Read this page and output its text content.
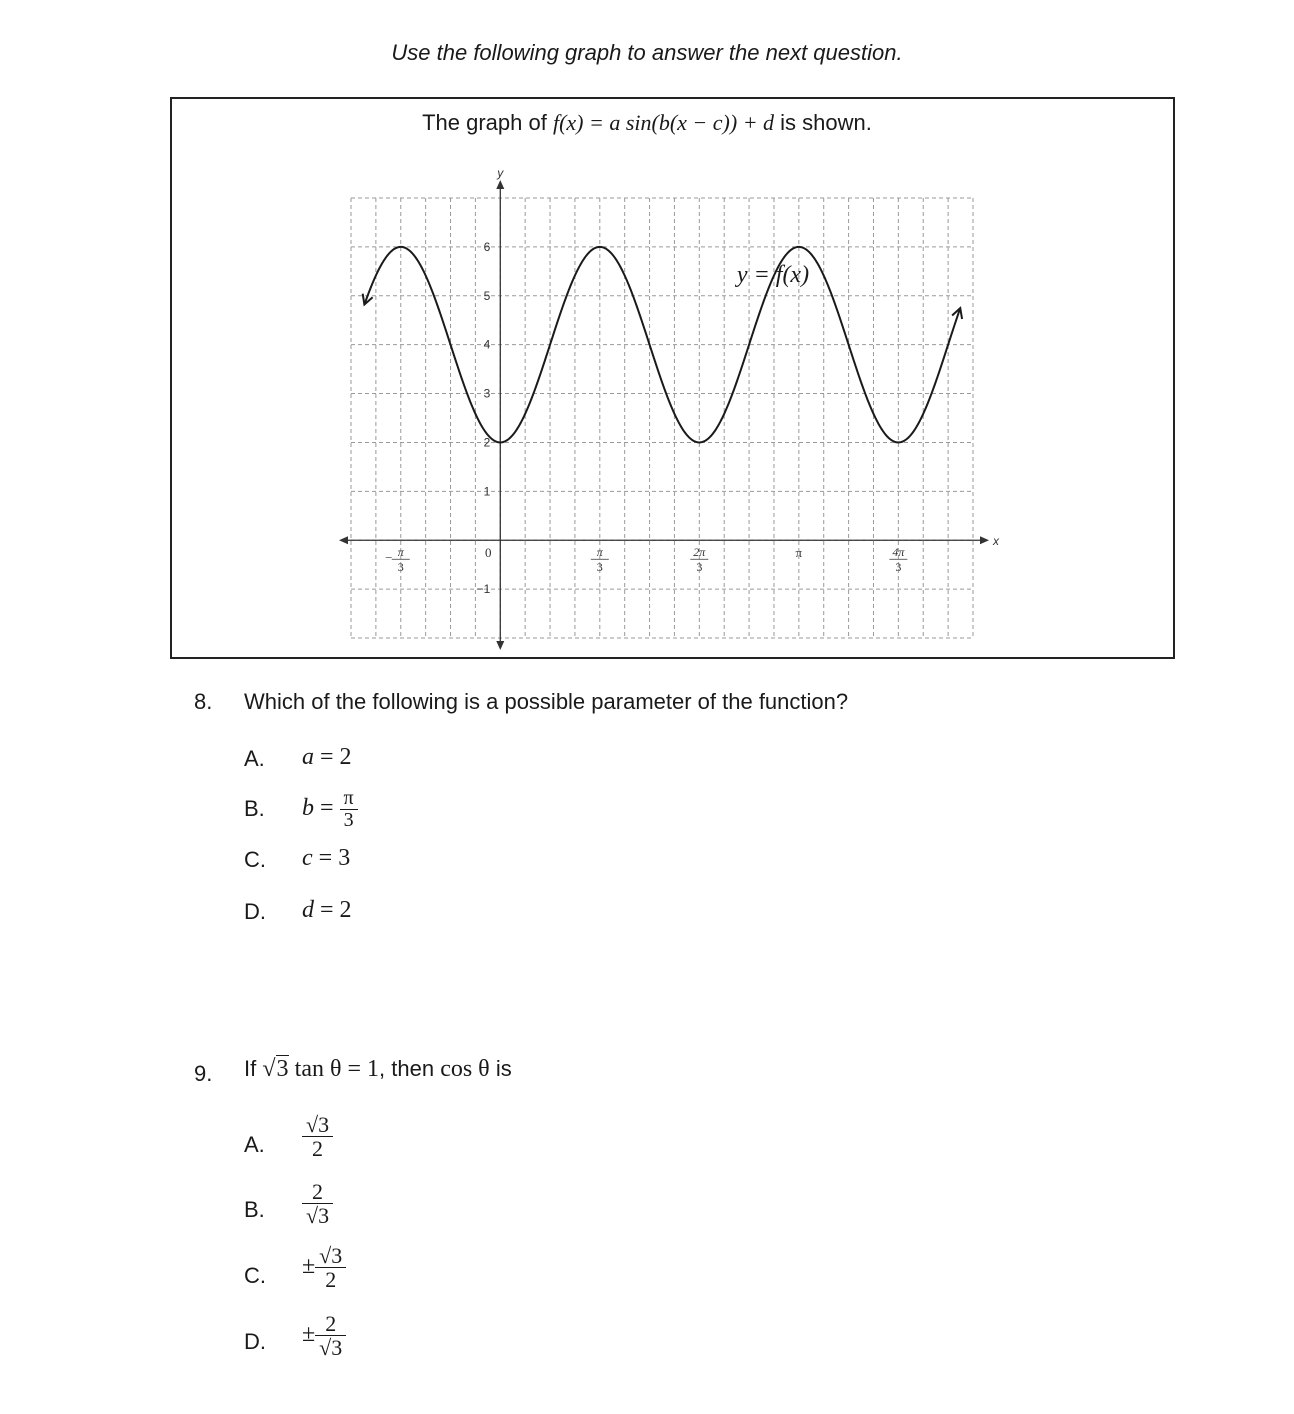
Use the following graph to answer the next question.
The graph of f(x) = a sin(b(x − c)) + d is shown.
x
y
−1
1
2
3
4
5
6
− π
3
0	π
3
2π
3
π	4π
3
y = f(x)
8. Which of the following is a possible parameter of the function?
A. a = 2
B. $b = \frac{\pi}{3}$
C. c = 3
D. d = 2
9. If √3 tan θ = 1, then cos θ is
A. $\frac{√3}{2}$
B. $\frac{2}{√3}$
C. ± $\frac{√3}{2}$
D. ± $\frac{2}{√3}$
